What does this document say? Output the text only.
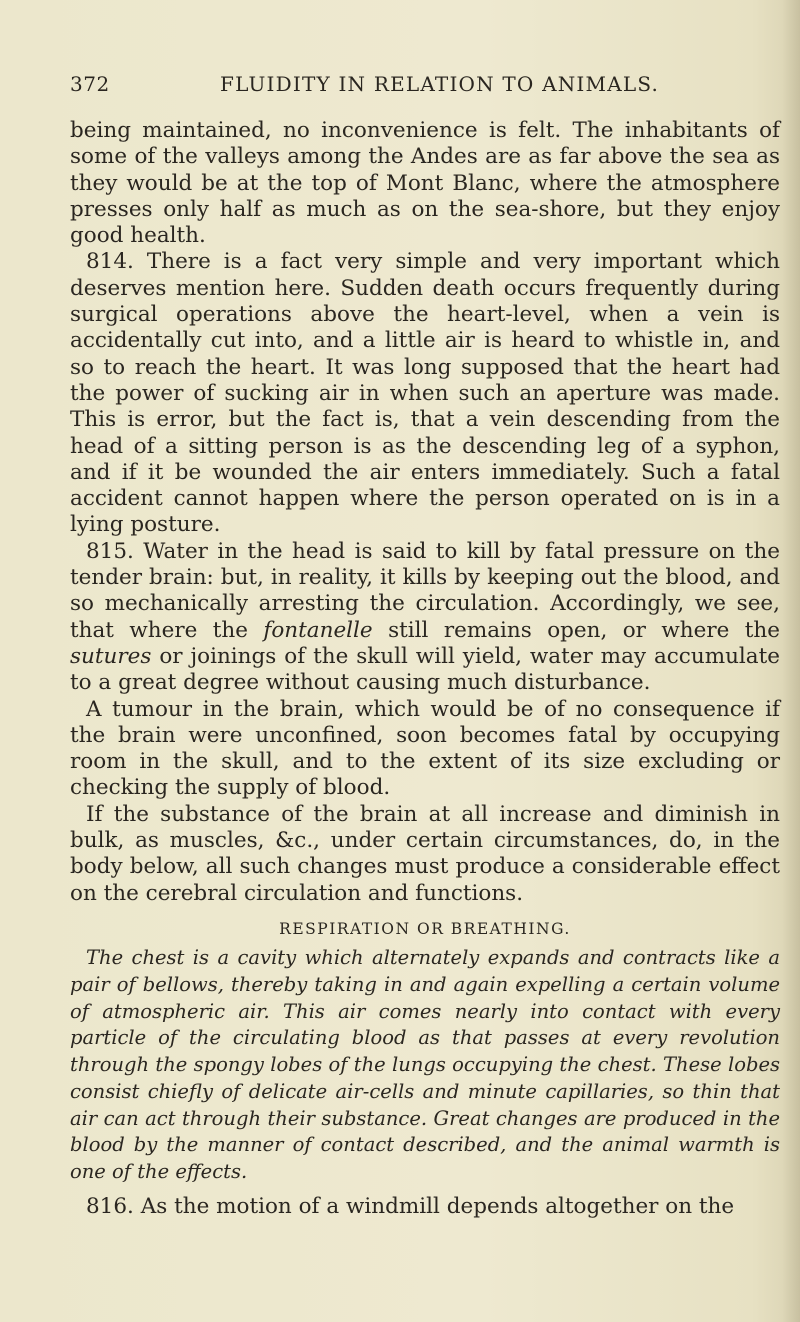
372	FLUIDITY IN RELATION TO ANIMALS.

being maintained, no inconvenience is felt. The inhabitants of some of the valleys among the Andes are as far above the sea as they would be at the top of Mont Blanc, where the atmosphere presses only half as much as on the sea-shore, but they enjoy good health.

814. There is a fact very simple and very important which deserves mention here. Sudden death occurs frequently during surgical operations above the heart-level, when a vein is accidentally cut into, and a little air is heard to whistle in, and so to reach the heart. It was long supposed that the heart had the power of sucking air in when such an aperture was made. This is error, but the fact is, that a vein descending from the head of a sitting person is as the descending leg of a syphon, and if it be wounded the air enters immediately. Such a fatal accident cannot happen where the person operated on is in a lying posture.

815. Water in the head is said to kill by fatal pressure on the tender brain: but, in reality, it kills by keeping out the blood, and so mechanically arresting the circulation. Accordingly, we see, that where the fontanelle still remains open, or where the sutures or joinings of the skull will yield, water may accumulate to a great degree without causing much disturbance.

A tumour in the brain, which would be of no consequence if the brain were unconfined, soon becomes fatal by occupying room in the skull, and to the extent of its size excluding or checking the supply of blood.

If the substance of the brain at all increase and diminish in bulk, as muscles, &c., under certain circumstances, do, in the body below, all such changes must produce a considerable effect on the cerebral circulation and functions.

RESPIRATION OR BREATHING.

The chest is a cavity which alternately expands and contracts like a pair of bellows, thereby taking in and again expelling a certain volume of atmospheric air. This air comes nearly into contact with every particle of the circulating blood as that passes at every revolution through the spongy lobes of the lungs occupying the chest. These lobes consist chiefly of delicate air-cells and minute capillaries, so thin that air can act through their substance. Great changes are produced in the blood by the manner of contact described, and the animal warmth is one of the effects.

816. As the motion of a windmill depends altogether on the
